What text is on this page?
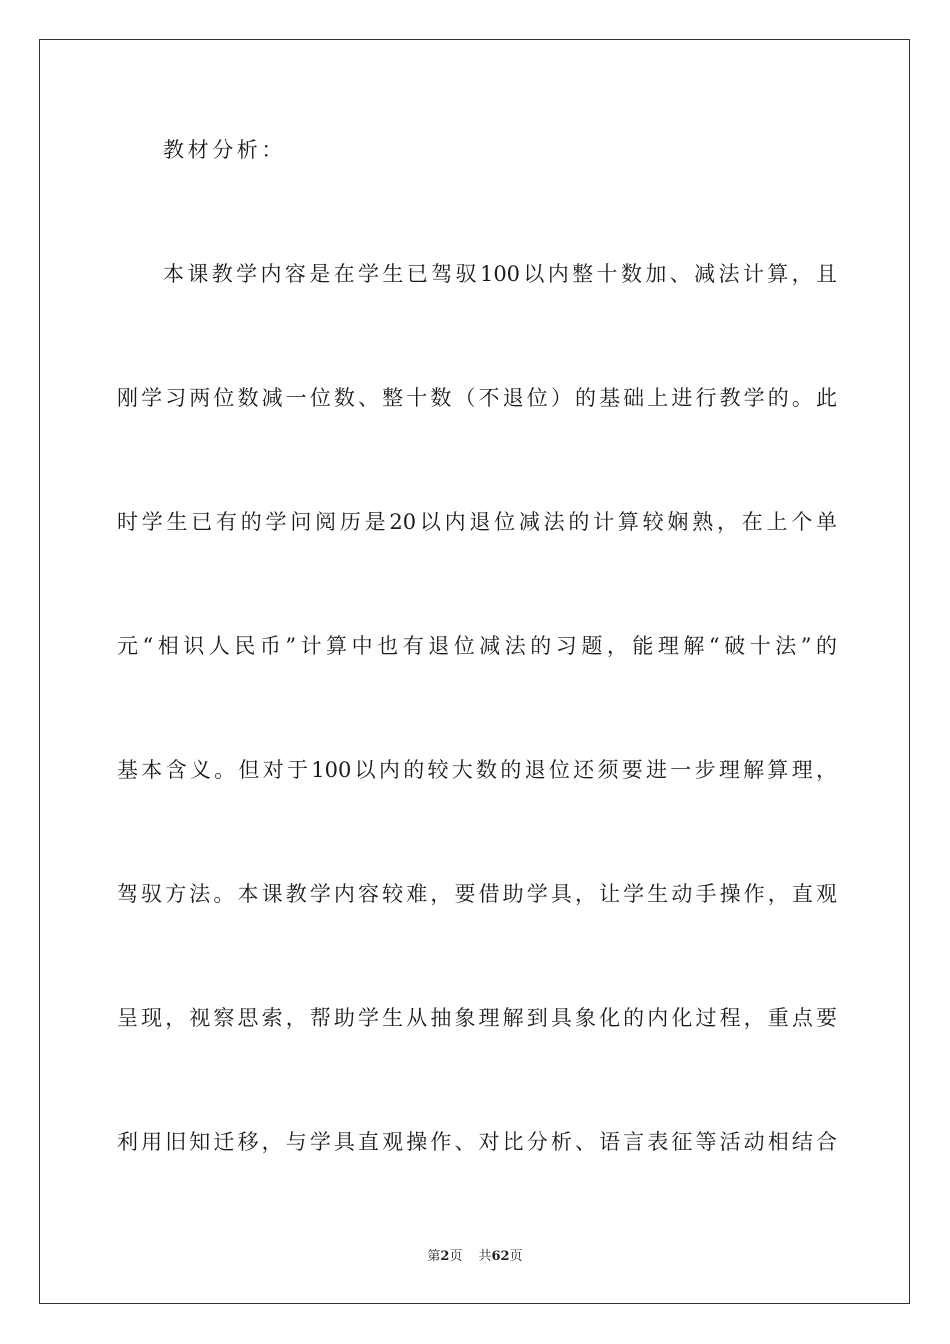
教材分析：
本课教学内容是在学生已驾驭100以内整十数加、减法计算，且
刚学习两位数减一位数、整十数（不退位）的基础上进行教学的。此
时学生已有的学问阅历是20以内退位减法的计算较娴熟，在上个单
元“相识人民币”计算中也有退位减法的习题，能理解“破十法”的
基本含义。但对于100以内的较大数的退位还须要进一步理解算理，
驾驭方法。本课教学内容较难，要借助学具，让学生动手操作，直观
呈现，视察思索，帮助学生从抽象理解到具象化的内化过程，重点要
利用旧知迁移，与学具直观操作、对比分析、语言表征等活动相结合
第2页 共62页
